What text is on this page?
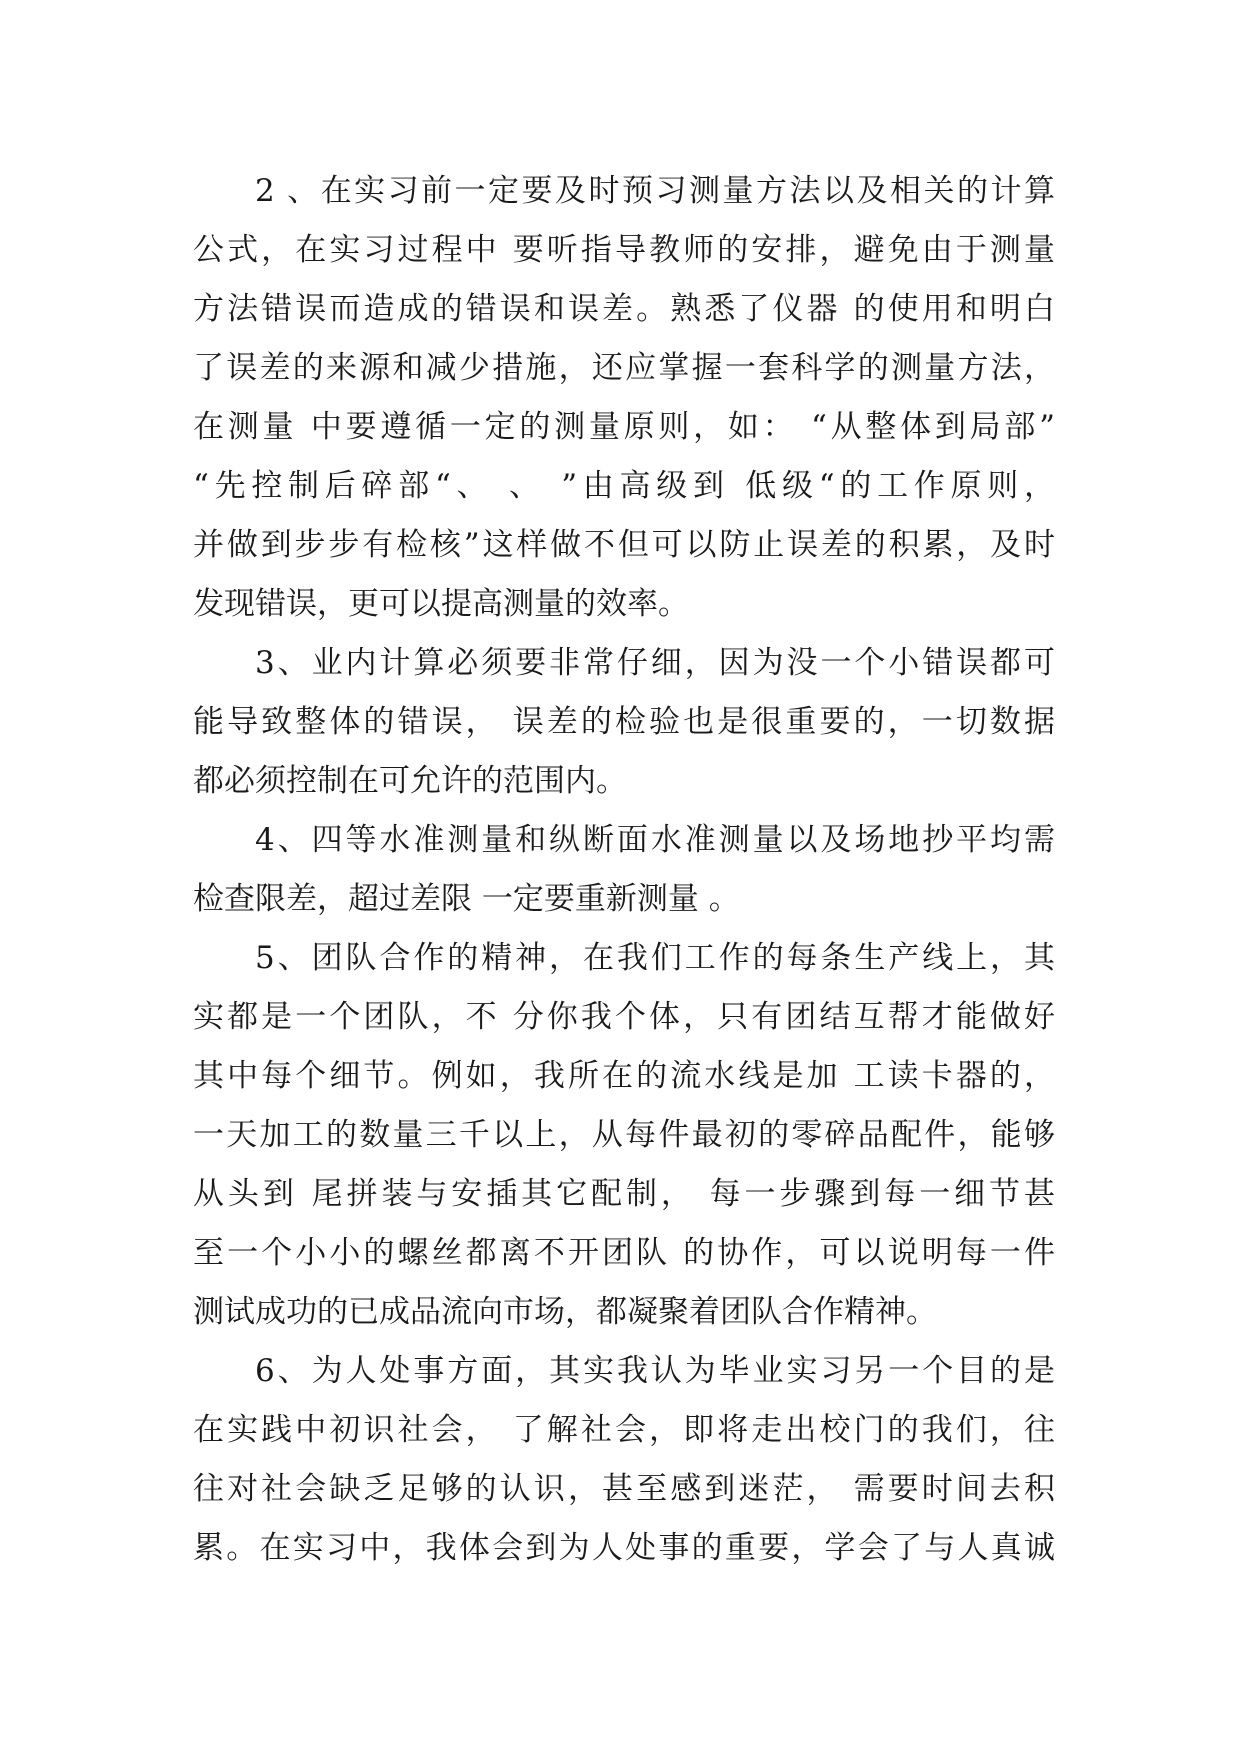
2 、在实习前一定要及时预习测量方法以及相关的计算
公式，在实习过程中 要听指导教师的安排，避免由于测量
方法错误而造成的错误和误差。熟悉了仪器 的使用和明白
了误差的来源和减少措施，还应掌握一套科学的测量方法，
在测量 中要遵循一定的测量原则，如： “从整体到局部”
“先控制后碎部“、 、 ”由高级到 低级“的工作原则，
并做到步步有检核”这样做不但可以防止误差的积累，及时
发现错误，更可以提高测量的效率。
3、业内计算必须要非常仔细，因为没一个小错误都可
能导致整体的错误， 误差的检验也是很重要的，一切数据
都必须控制在可允许的范围内。
4、四等水准测量和纵断面水准测量以及场地抄平均需
检查限差，超过差限 一定要重新测量 。
5、团队合作的精神，在我们工作的每条生产线上，其
实都是一个团队，不 分你我个体，只有团结互帮才能做好
其中每个细节。例如，我所在的流水线是加 工读卡器的，
一天加工的数量三千以上，从每件最初的零碎品配件，能够
从头到 尾拼装与安插其它配制， 每一步骤到每一细节甚
至一个小小的螺丝都离不开团队 的协作，可以说明每一件
测试成功的已成品流向市场，都凝聚着团队合作精神。
6、为人处事方面，其实我认为毕业实习另一个目的是
在实践中初识社会， 了解社会，即将走出校门的我们，往
往对社会缺乏足够的认识，甚至感到迷茫， 需要时间去积
累。在实习中，我体会到为人处事的重要，学会了与人真诚
